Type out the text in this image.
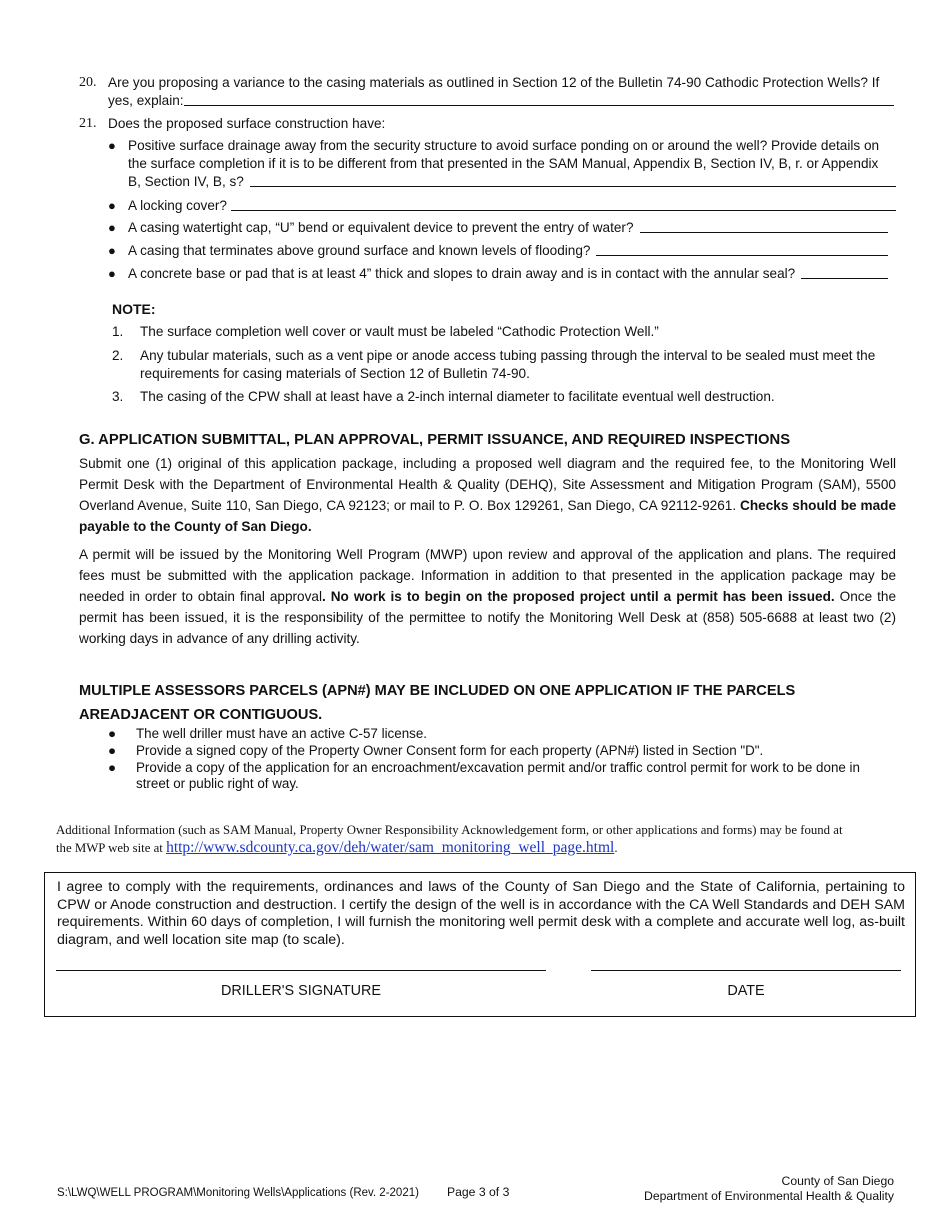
20. Are you proposing a variance to the casing materials as outlined in Section 12 of the Bulletin 74-90 Cathodic Protection Wells? If
yes, explain:
21. Does the proposed surface construction have:
● Positive surface drainage away from the security structure to avoid surface ponding on or around the well? Provide details on
the surface completion if it is to be different from that presented in the SAM Manual, Appendix B, Section IV, B, r. or Appendix
B, Section IV, B, s?
● A locking cover?
● A casing watertight cap, “U” bend or equivalent device to prevent the entry of water?
● A casing that terminates above ground surface and known levels of flooding?
● A concrete base or pad that is at least 4” thick and slopes to drain away and is in contact with the annular seal?
NOTE:
1. The surface completion well cover or vault must be labeled “Cathodic Protection Well.”
2. Any tubular materials, such as a vent pipe or anode access tubing passing through the interval to be sealed must meet the
requirements for casing materials of Section 12 of Bulletin 74-90.
3. The casing of the CPW shall at least have a 2-inch internal diameter to facilitate eventual well destruction.
G. APPLICATION SUBMITTAL, PLAN APPROVAL, PERMIT ISSUANCE, AND REQUIRED INSPECTIONS
Submit one (1) original of this application package, including a proposed well diagram and the required fee, to the Monitoring Well Permit Desk with the Department of Environmental Health & Quality (DEHQ), Site Assessment and Mitigation Program (SAM), 5500 Overland Avenue, Suite 110, San Diego, CA 92123; or mail to P. O. Box 129261, San Diego, CA 92112-9261. Checks should be made payable to the County of San Diego.
A permit will be issued by the Monitoring Well Program (MWP) upon review and approval of the application and plans. The required fees must be submitted with the application package. Information in addition to that presented in the application package may be needed in order to obtain final approval. No work is to begin on the proposed project until a permit has been issued. Once the permit has been issued, it is the responsibility of the permittee to notify the Monitoring Well Desk at (858) 505-6688 at least two (2) working days in advance of any drilling activity.
MULTIPLE ASSESSORS PARCELS (APN#) MAY BE INCLUDED ON ONE APPLICATION IF THE PARCELS
AREADJACENT OR CONTIGUOUS.
● The well driller must have an active C-57 license.
● Provide a signed copy of the Property Owner Consent form for each property (APN#) listed in Section "D".
● Provide a copy of the application for an encroachment/excavation permit and/or traffic control permit for work to be done in
street or public right of way.
Additional Information (such as SAM Manual, Property Owner Responsibility Acknowledgement form, or other applications and forms) may be found at
the MWP web site at http://www.sdcounty.ca.gov/deh/water/sam_monitoring_well_page.html.
I agree to comply with the requirements, ordinances and laws of the County of San Diego and the State of California, pertaining to CPW or Anode construction and destruction. I certify the design of the well is in accordance with the CA Well Standards and DEH SAM requirements. Within 60 days of completion, I will furnish the monitoring well permit desk with a complete and accurate well log, as-built diagram, and well location site map (to scale).
DRILLER'S SIGNATURE	DATE
S:\LWQ\WELL PROGRAM\Monitoring Wells\Applications (Rev. 2-2021) Page 3 of 3
County of San Diego
Department of Environmental Health & Quality
